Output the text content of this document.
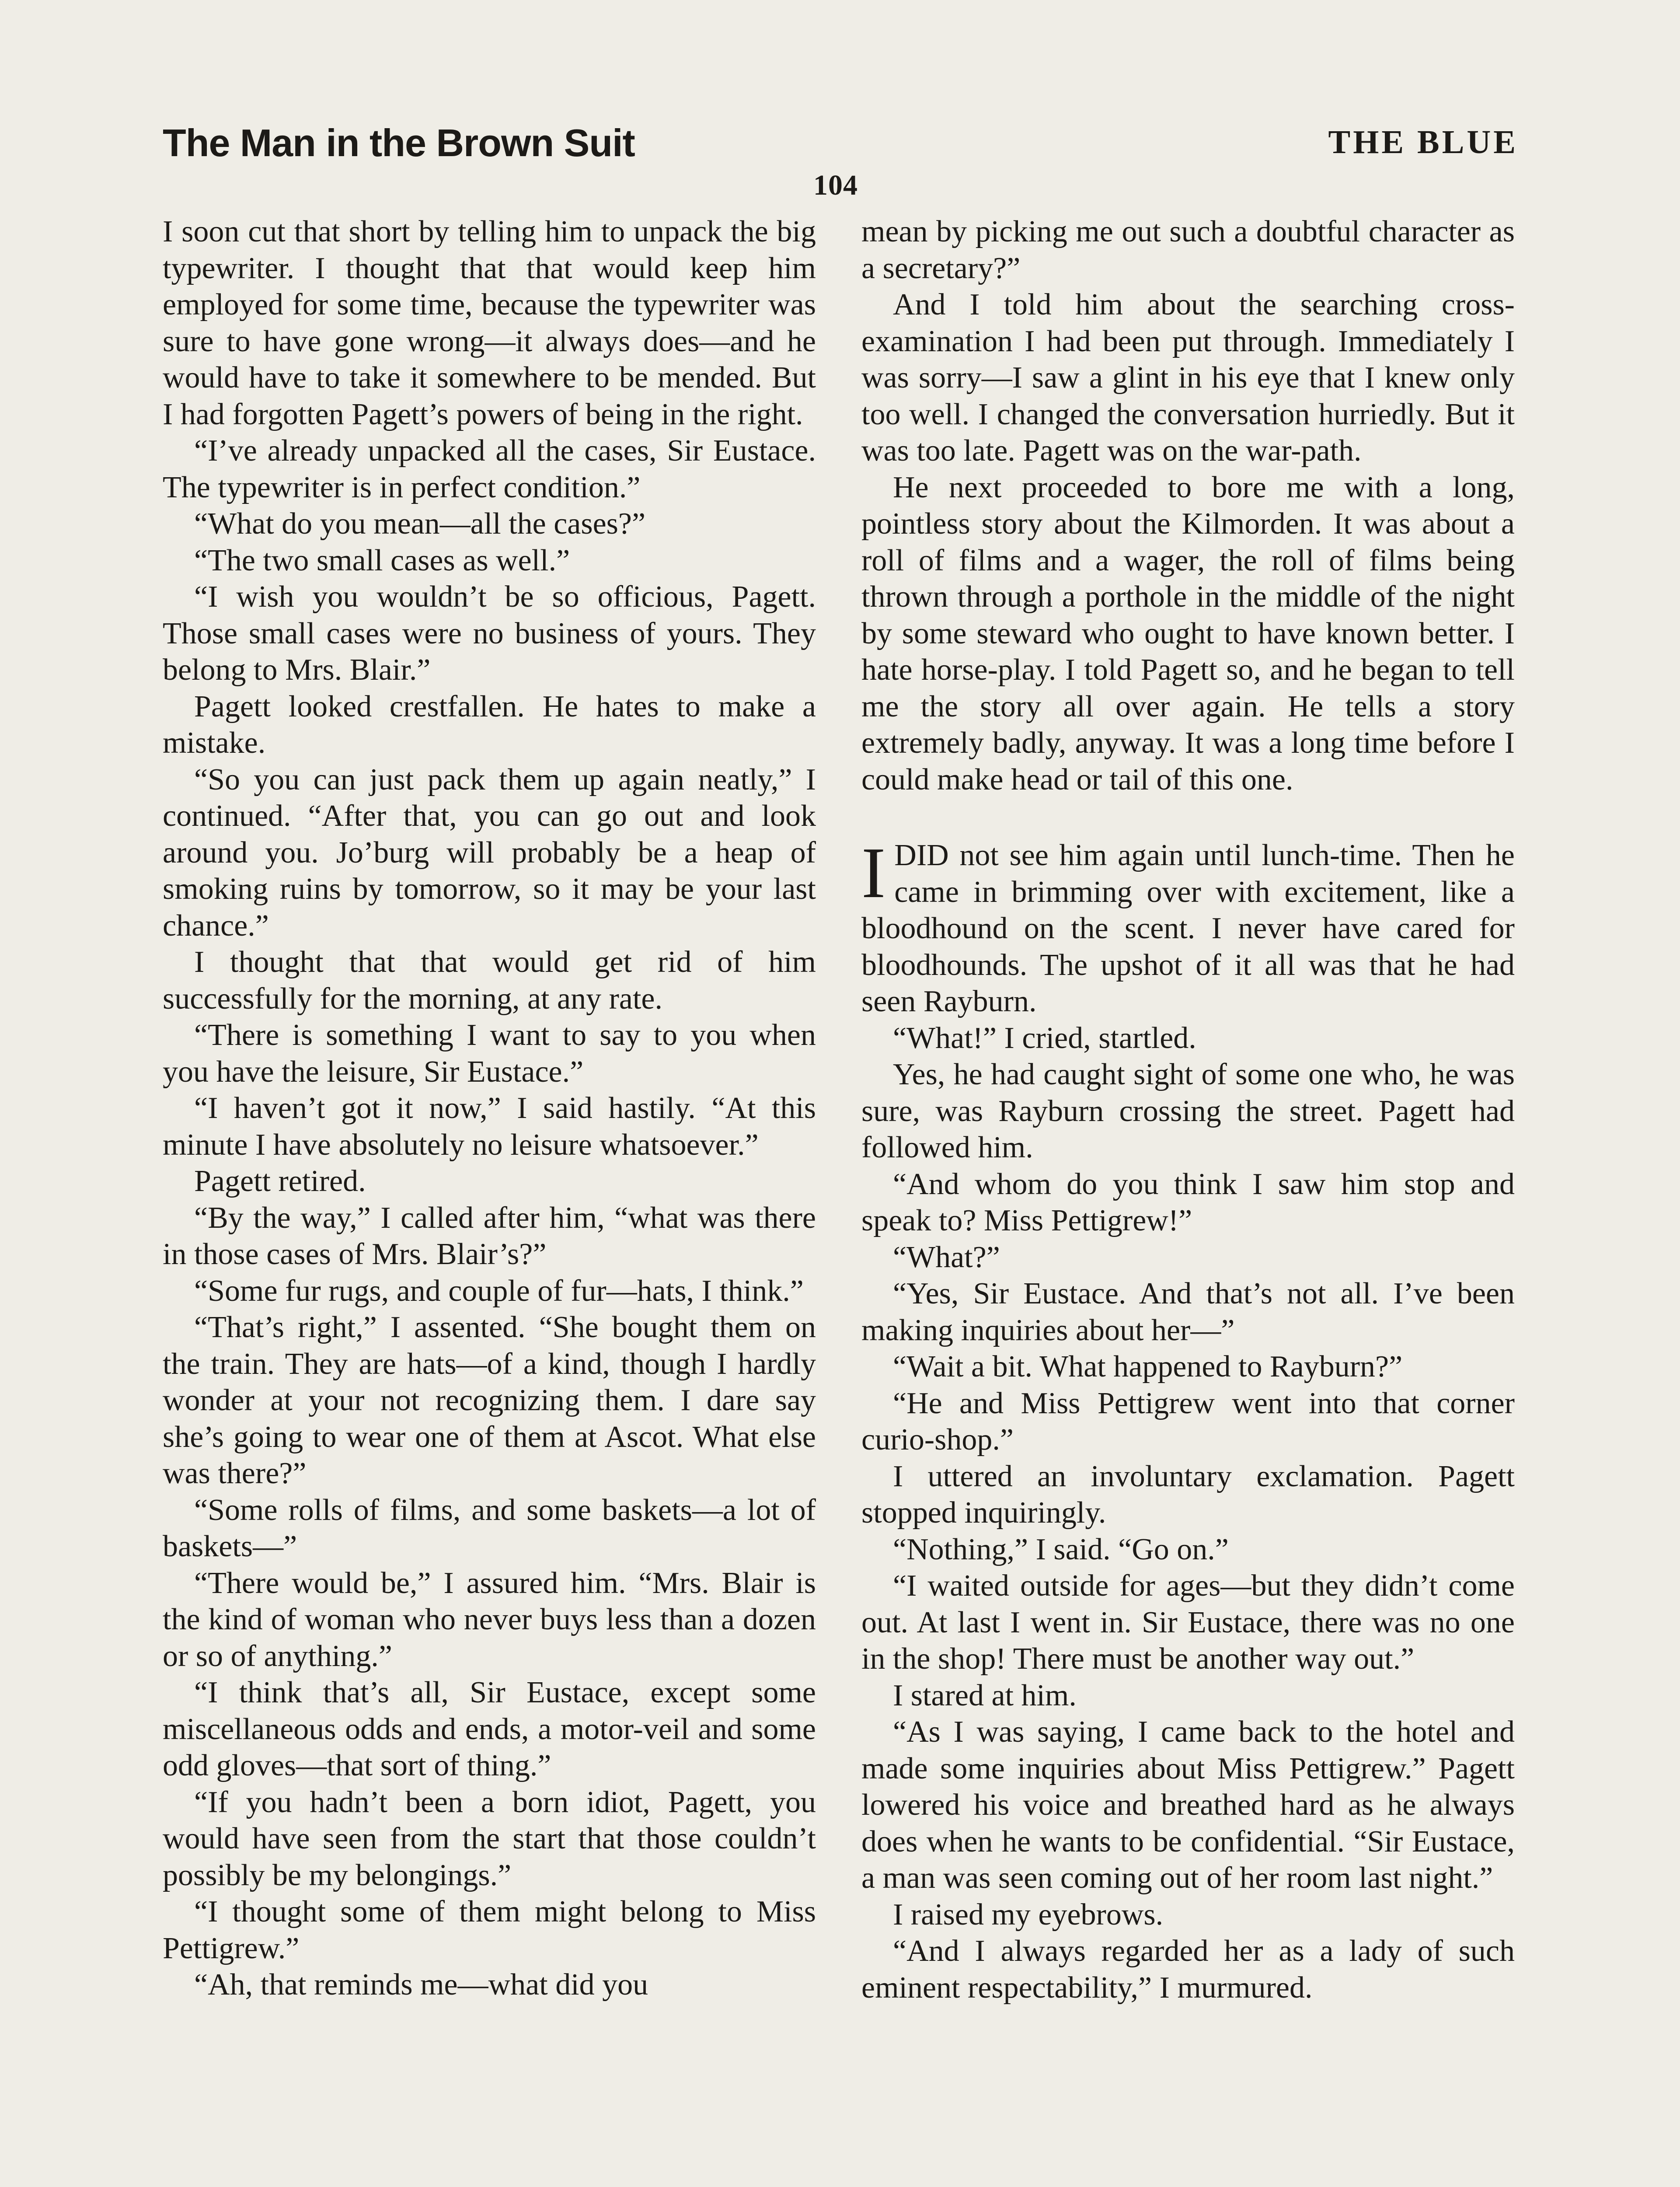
The Man in the Brown Suit	THE BLUE
104

I soon cut that short by telling him to unpack the big typewriter. I thought that that would keep him employed for some time, because the typewriter was sure to have gone wrong—it always does—and he would have to take it somewhere to be mended. But I had forgotten Pagett’s powers of being in the right.

“I’ve already unpacked all the cases, Sir Eustace. The typewriter is in perfect condition.”

“What do you mean—all the cases?”

“The two small cases as well.”

“I wish you wouldn’t be so officious, Pagett. Those small cases were no business of yours. They belong to Mrs. Blair.”

Pagett looked crestfallen. He hates to make a mistake.

“So you can just pack them up again neatly,” I continued. “After that, you can go out and look around you. Jo’burg will probably be a heap of smoking ruins by tomorrow, so it may be your last chance.”

I thought that that would get rid of him successfully for the morning, at any rate.

“There is something I want to say to you when you have the leisure, Sir Eustace.”

“I haven’t got it now,” I said hastily. “At this minute I have absolutely no leisure whatsoever.”

Pagett retired.

“By the way,” I called after him, “what was there in those cases of Mrs. Blair’s?”

“Some fur rugs, and couple of fur—hats, I think.”

“That’s right,” I assented. “She bought them on the train. They are hats—of a kind, though I hardly wonder at your not recognizing them. I dare say she’s going to wear one of them at Ascot. What else was there?”

“Some rolls of films, and some baskets—a lot of baskets—”

“There would be,” I assured him. “Mrs. Blair is the kind of woman who never buys less than a dozen or so of anything.”

“I think that’s all, Sir Eustace, except some miscellaneous odds and ends, a motor-veil and some odd gloves—that sort of thing.”

“If you hadn’t been a born idiot, Pagett, you would have seen from the start that those couldn’t possibly be my belongings.”

“I thought some of them might belong to Miss Pettigrew.”

“Ah, that reminds me—what did you

mean by picking me out such a doubtful character as a secretary?”

And I told him about the searching cross-examination I had been put through. Immediately I was sorry—I saw a glint in his eye that I knew only too well. I changed the conversation hurriedly. But it was too late. Pagett was on the war-path.

He next proceeded to bore me with a long, pointless story about the Kilmorden. It was about a roll of films and a wager, the roll of films being thrown through a porthole in the middle of the night by some steward who ought to have known better. I hate horse-play. I told Pagett so, and he began to tell me the story all over again. He tells a story extremely badly, anyway. It was a long time before I could make head or tail of this one.

IDID not see him again until lunch-time. Then he came in brimming over with excitement, like a bloodhound on the scent. I never have cared for bloodhounds. The upshot of it all was that he had seen Rayburn.

“What!” I cried, startled.

Yes, he had caught sight of some one who, he was sure, was Rayburn crossing the street. Pagett had followed him.

“And whom do you think I saw him stop and speak to? Miss Pettigrew!”

“What?”

“Yes, Sir Eustace. And that’s not all. I’ve been making inquiries about her—”

“Wait a bit. What happened to Rayburn?”

“He and Miss Pettigrew went into that corner curio-shop.”

I uttered an involuntary exclamation. Pagett stopped inquiringly.

“Nothing,” I said. “Go on.”

“I waited outside for ages—but they didn’t come out. At last I went in. Sir Eustace, there was no one in the shop! There must be another way out.”

I stared at him.

“As I was saying, I came back to the hotel and made some inquiries about Miss Pettigrew.” Pagett lowered his voice and breathed hard as he always does when he wants to be confidential. “Sir Eustace, a man was seen coming out of her room last night.”

I raised my eyebrows.

“And I always regarded her as a lady of such eminent respectability,” I murmured.
